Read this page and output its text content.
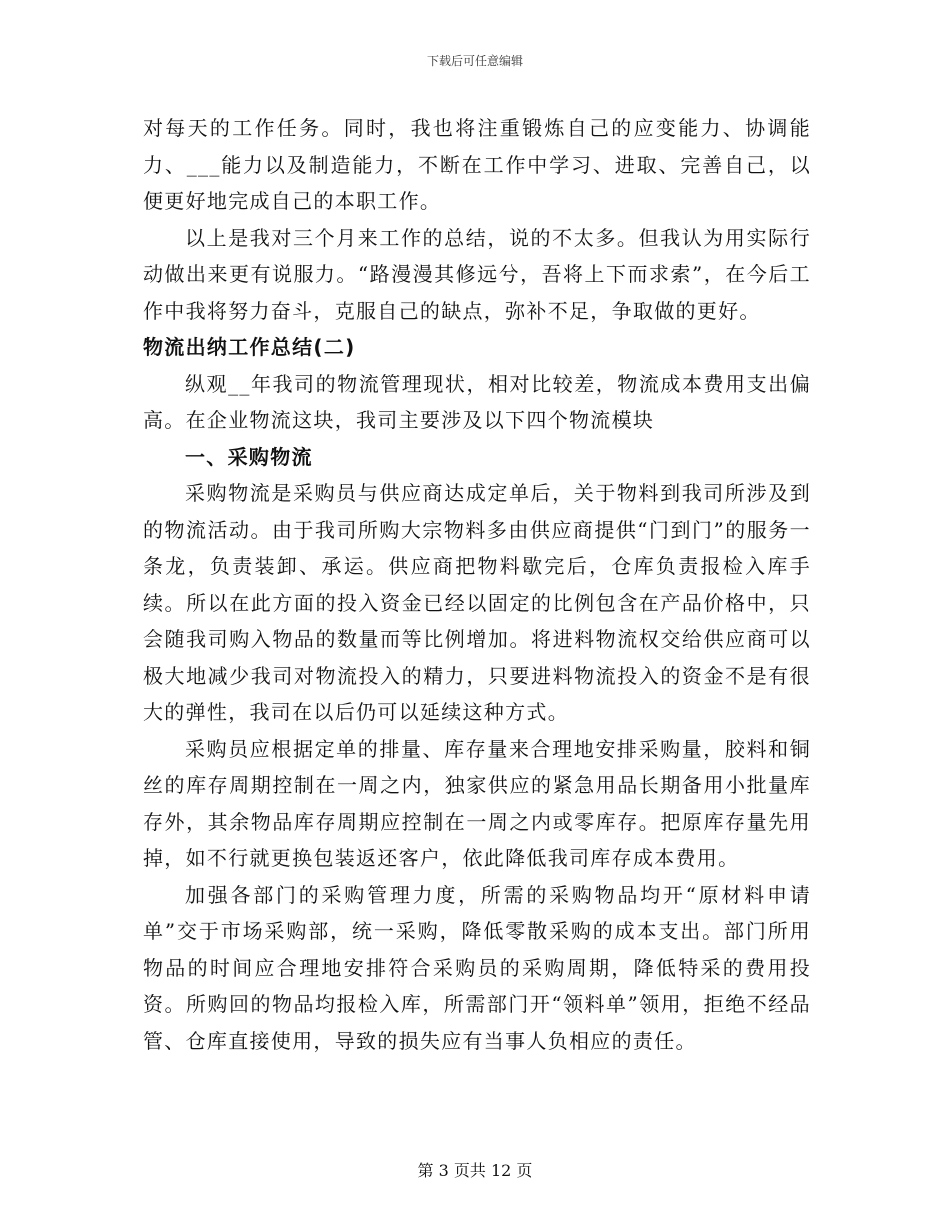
下载后可任意编辑

对每天的工作任务。同时，我也将注重锻炼自己的应变能力、协调能力、___能力以及制造能力，不断在工作中学习、进取、完善自己，以便更好地完成自己的本职工作。

以上是我对三个月来工作的总结，说的不太多。但我认为用实际行动做出来更有说服力。“路漫漫其修远兮，吾将上下而求索”，在今后工作中我将努力奋斗，克服自己的缺点，弥补不足，争取做的更好。

物流出纳工作总结(二)

纵观__年我司的物流管理现状，相对比较差，物流成本费用支出偏高。在企业物流这块，我司主要涉及以下四个物流模块

一、采购物流

采购物流是采购员与供应商达成定单后，关于物料到我司所涉及到的物流活动。由于我司所购大宗物料多由供应商提供“门到门”的服务一条龙，负责装卸、承运。供应商把物料歇完后，仓库负责报检入库手续。所以在此方面的投入资金已经以固定的比例包含在产品价格中，只会随我司购入物品的数量而等比例增加。将进料物流权交给供应商可以极大地减少我司对物流投入的精力，只要进料物流投入的资金不是有很大的弹性，我司在以后仍可以延续这种方式。

采购员应根据定单的排量、库存量来合理地安排采购量，胶料和铜丝的库存周期控制在一周之内，独家供应的紧急用品长期备用小批量库存外，其余物品库存周期应控制在一周之内或零库存。把原库存量先用掉，如不行就更换包装返还客户，依此降低我司库存成本费用。

加强各部门的采购管理力度，所需的采购物品均开“原材料申请单”交于市场采购部，统一采购，降低零散采购的成本支出。部门所用物品的时间应合理地安排符合采购员的采购周期，降低特采的费用投资。所购回的物品均报检入库，所需部门开“领料单”领用，拒绝不经品管、仓库直接使用，导致的损失应有当事人负相应的责任。

第 3 页共 12 页
